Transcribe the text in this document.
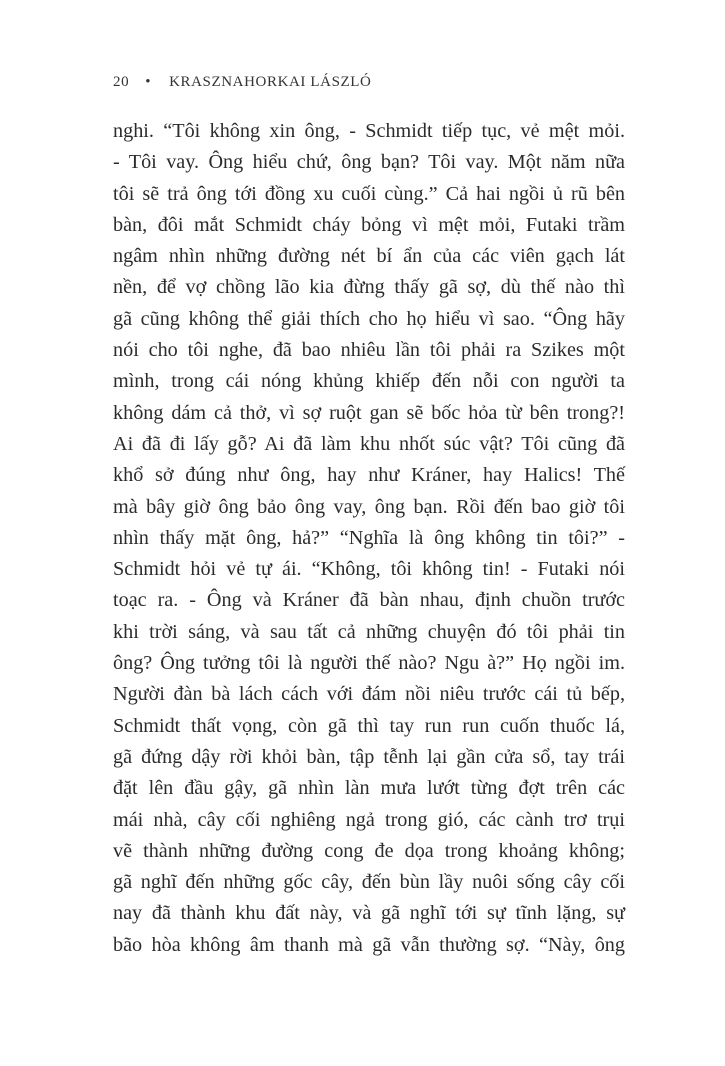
20 • KRASZNAHORKAI LÁSZLÓ
nghi. “Tôi không xin ông, - Schmidt tiếp tục, vẻ mệt mỏi.
- Tôi vay. Ông hiểu chứ, ông bạn? Tôi vay. Một năm nữa
tôi sẽ trả ông tới đồng xu cuối cùng.” Cả hai ngồi ủ rũ bên
bàn, đôi mắt Schmidt cháy bỏng vì mệt mỏi, Futaki trầm
ngâm nhìn những đường nét bí ẩn của các viên gạch lát
nền, để vợ chồng lão kia đừng thấy gã sợ, dù thế nào thì
gã cũng không thể giải thích cho họ hiểu vì sao. “Ông hãy
nói cho tôi nghe, đã bao nhiêu lần tôi phải ra Szikes một
mình, trong cái nóng khủng khiếp đến nỗi con người ta
không dám cả thở, vì sợ ruột gan sẽ bốc hỏa từ bên trong?!
Ai đã đi lấy gỗ? Ai đã làm khu nhốt súc vật? Tôi cũng đã
khổ sở đúng như ông, hay như Kráner, hay Halics! Thế
mà bây giờ ông bảo ông vay, ông bạn. Rồi đến bao giờ tôi
nhìn thấy mặt ông, hả?” “Nghĩa là ông không tin tôi?” -
Schmidt hỏi vẻ tự ái. “Không, tôi không tin! - Futaki nói
toạc ra. - Ông và Kráner đã bàn nhau, định chuồn trước
khi trời sáng, và sau tất cả những chuyện đó tôi phải tin
ông? Ông tưởng tôi là người thế nào? Ngu à?” Họ ngồi im.
Người đàn bà lách cách với đám nồi niêu trước cái tủ bếp,
Schmidt thất vọng, còn gã thì tay run run cuốn thuốc lá,
gã đứng dậy rời khỏi bàn, tập tễnh lại gần cửa sổ, tay trái
đặt lên đầu gậy, gã nhìn làn mưa lướt từng đợt trên các
mái nhà, cây cối nghiêng ngả trong gió, các cành trơ trụi
vẽ thành những đường cong đe dọa trong khoảng không;
gã nghĩ đến những gốc cây, đến bùn lầy nuôi sống cây cối
nay đã thành khu đất này, và gã nghĩ tới sự tĩnh lặng, sự
bão hòa không âm thanh mà gã vẫn thường sợ. “Này, ông
